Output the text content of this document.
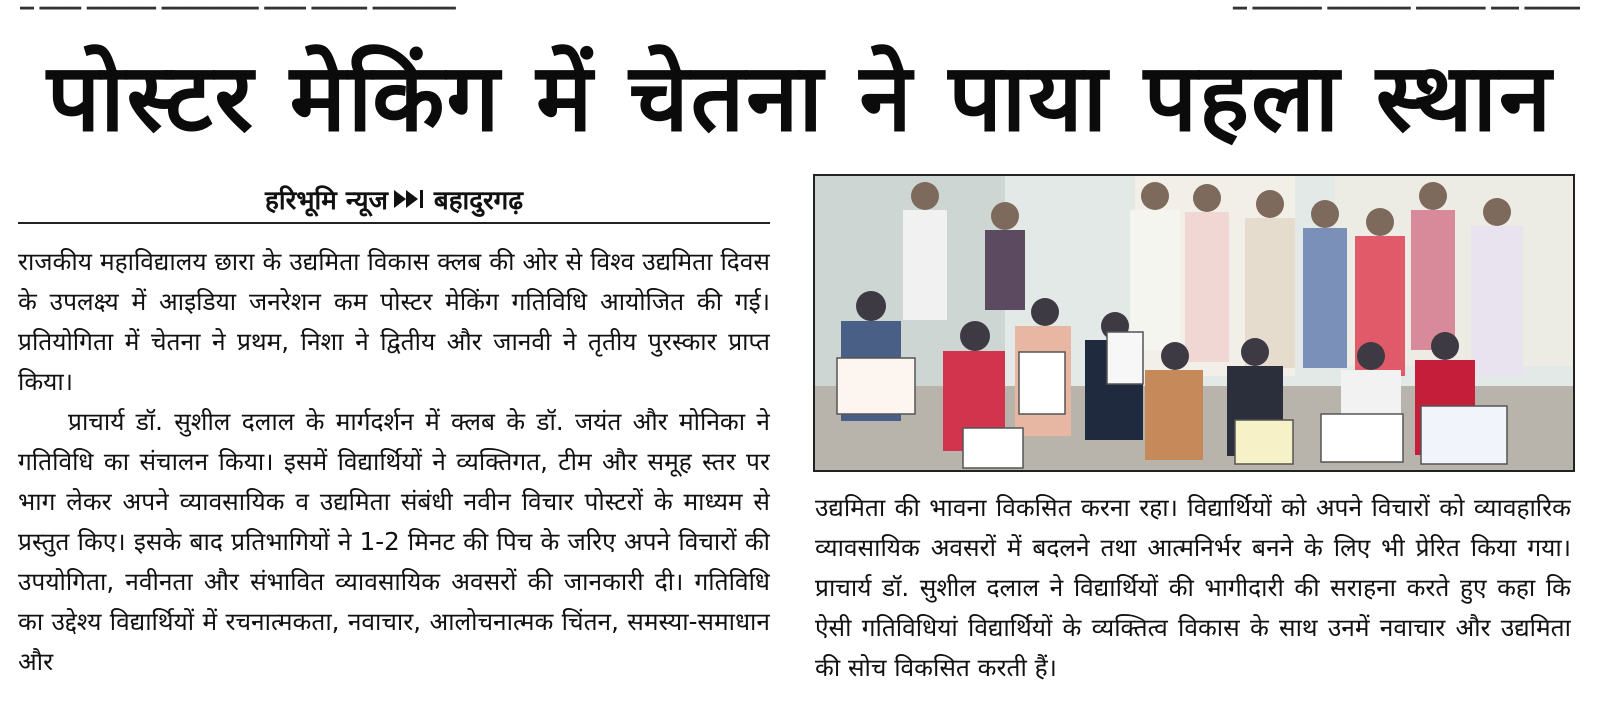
पोस्टर मेकिंग में चेतना ने पाया पहला स्थान
हरिभूमि न्यूज बहादुरगढ़

राजकीय महाविद्यालय छारा के उद्यमिता विकास क्लब की ओर से विश्व उद्यमिता दिवस के उपलक्ष्य में आइडिया जनरेशन कम पोस्टर मेकिंग गतिविधि आयोजित की गई। प्रतियोगिता में चेतना ने प्रथम, निशा ने द्वितीय और जानवी ने तृतीय पुरस्कार प्राप्त किया।

प्राचार्य डॉ. सुशील दलाल के मार्गदर्शन में क्लब के डॉ. जयंत और मोनिका ने गतिविधि का संचालन किया। इसमें विद्यार्थियों ने व्यक्तिगत, टीम और समूह स्तर पर भाग लेकर अपने व्यावसायिक व उद्यमिता संबंधी नवीन विचार पोस्टरों के माध्यम से प्रस्तुत किए। इसके बाद प्रतिभागियों ने 1-2 मिनट की पिच के जरिए अपने विचारों की उपयोगिता, नवीनता और संभावित व्यावसायिक अवसरों की जानकारी दी। गतिविधि का उद्देश्य विद्यार्थियों में रचनात्मकता, नवाचार, आलोचनात्मक चिंतन, समस्या-समाधान और

उद्यमिता की भावना विकसित करना रहा। विद्यार्थियों को अपने विचारों को व्यावहारिक व्यावसायिक अवसरों में बदलने तथा आत्मनिर्भर बनने के लिए भी प्रेरित किया गया। प्राचार्य डॉ. सुशील दलाल ने विद्यार्थियों की भागीदारी की सराहना करते हुए कहा कि ऐसी गतिविधियां विद्यार्थियों के व्यक्तित्व विकास के साथ उनमें नवाचार और उद्यमिता की सोच विकसित करती हैं।
